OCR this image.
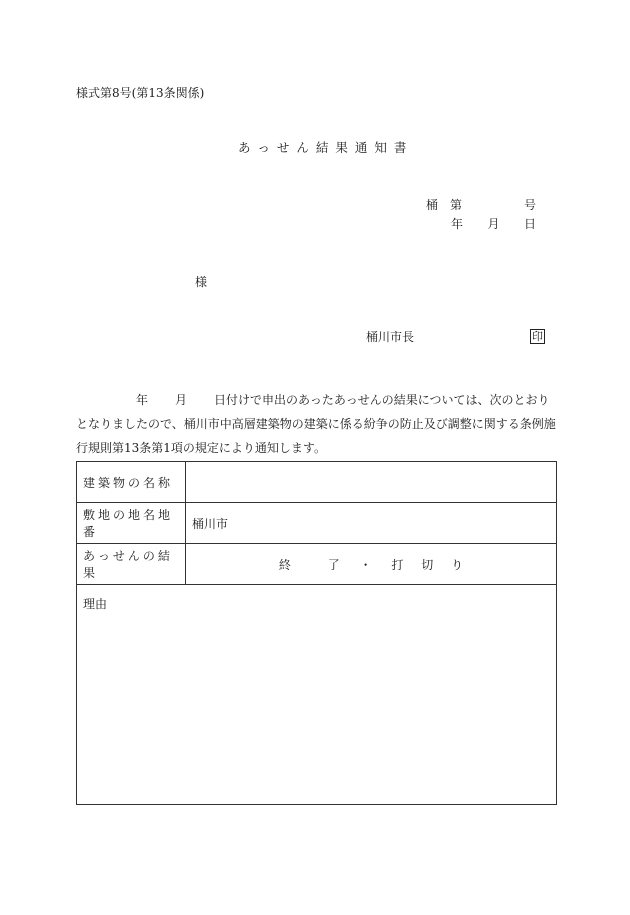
様式第8号(第13条関係)
あっせん結果通知書
桶 第	号
年 月 日
様
桶川市長	印
年 月 日付けで申出のあったあっせんの結果については、次のとおりとなりましたので、桶川市中高層建築物の建築に係る紛争の防止及び調整に関する条例施行規則第13条第1項の規定により通知します。
建築物の名称	
敷地の地名地番	桶川市
あっせんの結果	終 了 ・ 打 切 り
理由	
